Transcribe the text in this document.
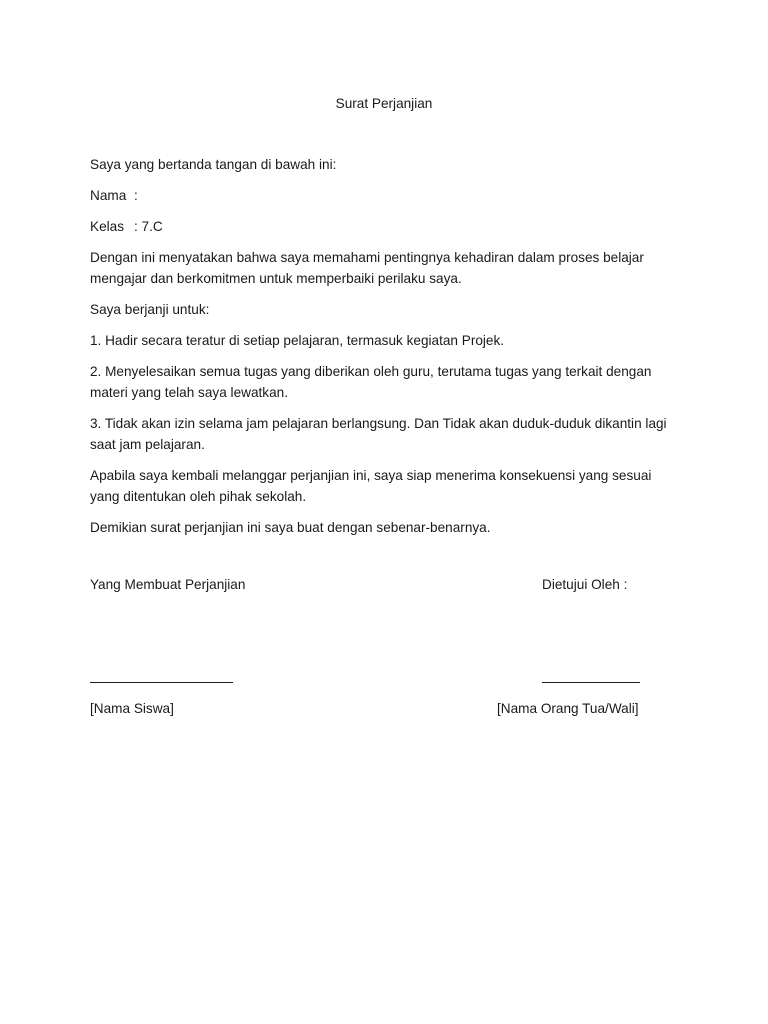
Surat Perjanjian

Saya yang bertanda tangan di bawah ini:

Nama :

Kelas : 7.C

Dengan ini menyatakan bahwa saya memahami pentingnya kehadiran dalam proses belajar mengajar dan berkomitmen untuk memperbaiki perilaku saya.

Saya berjanji untuk:

1. Hadir secara teratur di setiap pelajaran, termasuk kegiatan Projek.

2. Menyelesaikan semua tugas yang diberikan oleh guru, terutama tugas yang terkait dengan materi yang telah saya lewatkan.

3. Tidak akan izin selama jam pelajaran berlangsung. Dan Tidak akan duduk-duduk dikantin lagi saat jam pelajaran.

Apabila saya kembali melanggar perjanjian ini, saya siap menerima konsekuensi yang sesuai yang ditentukan oleh pihak sekolah.

Demikian surat perjanjian ini saya buat dengan sebenar-benarnya.

Yang Membuat Perjanjian	Dietujui Oleh :
[Nama Siswa]	[Nama Orang Tua/Wali]
